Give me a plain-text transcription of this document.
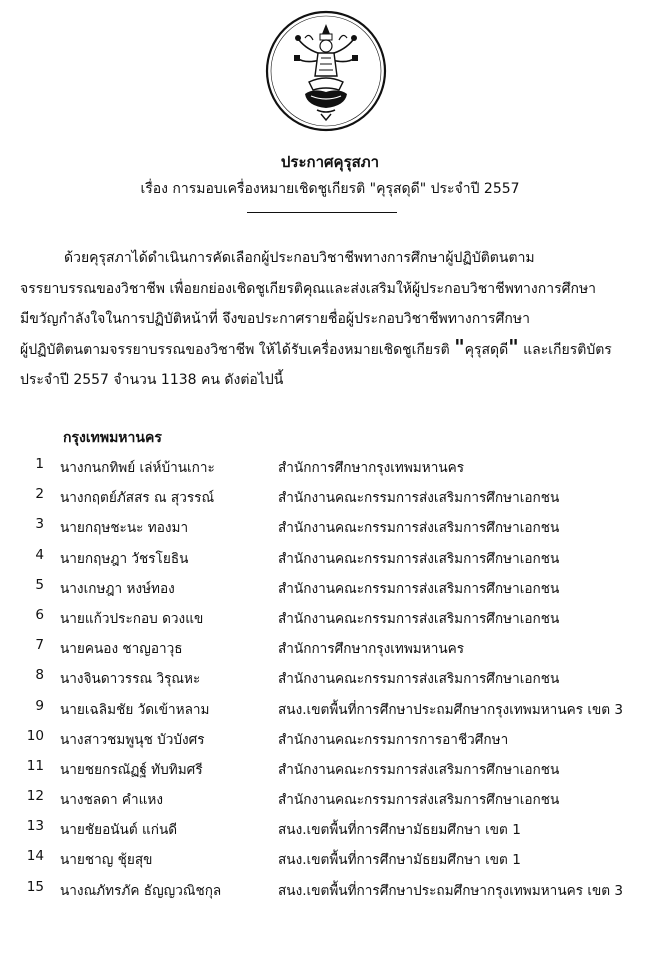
ประกาศคุรุสภา
เรื่อง การมอบเครื่องหมายเชิดชูเกียรติ "คุรุสดุดี" ประจำปี 2557
ด้วยคุรุสภาได้ดำเนินการคัดเลือกผู้ประกอบวิชาชีพทางการศึกษาผู้ปฏิบัติตนตาม
จรรยาบรรณของวิชาชีพ เพื่อยกย่องเชิดชูเกียรติคุณและส่งเสริมให้ผู้ประกอบวิชาชีพทางการศึกษา
มีขวัญกำลังใจในการปฏิบัติหน้าที่ จึงขอประกาศรายชื่อผู้ประกอบวิชาชีพทางการศึกษา
ผู้ปฏิบัติตนตามจรรยาบรรณของวิชาชีพ ให้ได้รับเครื่องหมายเชิดชูเกียรติ "คุรุสดุดี" และเกียรติบัตร
ประจำปี 2557 จำนวน 1138 คน ดังต่อไปนี้
กรุงเทพมหานคร
1 นางกนกทิพย์ เล่ห์บ้านเกาะ	สำนักการศึกษากรุงเทพมหานคร
2 นางกฤตย์ภัสสร ณ สุวรรณ์	สำนักงานคณะกรรมการส่งเสริมการศึกษาเอกชน
3 นายกฤษชะนะ ทองมา	สำนักงานคณะกรรมการส่งเสริมการศึกษาเอกชน
4 นายกฤษฎา วัชรโยธิน	สำนักงานคณะกรรมการส่งเสริมการศึกษาเอกชน
5 นางเกษฎา หงษ์ทอง	สำนักงานคณะกรรมการส่งเสริมการศึกษาเอกชน
6 นายแก้วประกอบ ดวงแข	สำนักงานคณะกรรมการส่งเสริมการศึกษาเอกชน
7 นายคนอง ชาญอาวุธ	สำนักการศึกษากรุงเทพมหานคร
8 นางจินดาวรรณ วิรุณหะ	สำนักงานคณะกรรมการส่งเสริมการศึกษาเอกชน
9 นายเฉลิมชัย วัดเข้าหลาม	สนง.เขตพื้นที่การศึกษาประถมศึกษากรุงเทพมหานคร เขต 3
10 นางสาวชมพูนุช บัวบังศร	สำนักงานคณะกรรมการการอาชีวศึกษา
11 นายชยกรณัฏฐ์ ทับทิมศรี	สำนักงานคณะกรรมการส่งเสริมการศึกษาเอกชน
12 นางชลดา คำแหง	สำนักงานคณะกรรมการส่งเสริมการศึกษาเอกชน
13 นายชัยอนันต์ แก่นดี	สนง.เขตพื้นที่การศึกษามัธยมศึกษา เขต 1
14 นายชาญ ชุ้ยสุข	สนง.เขตพื้นที่การศึกษามัธยมศึกษา เขต 1
15 นางณภัทรภัค ธัญญวณิชกุล	สนง.เขตพื้นที่การศึกษาประถมศึกษากรุงเทพมหานคร เขต 3
